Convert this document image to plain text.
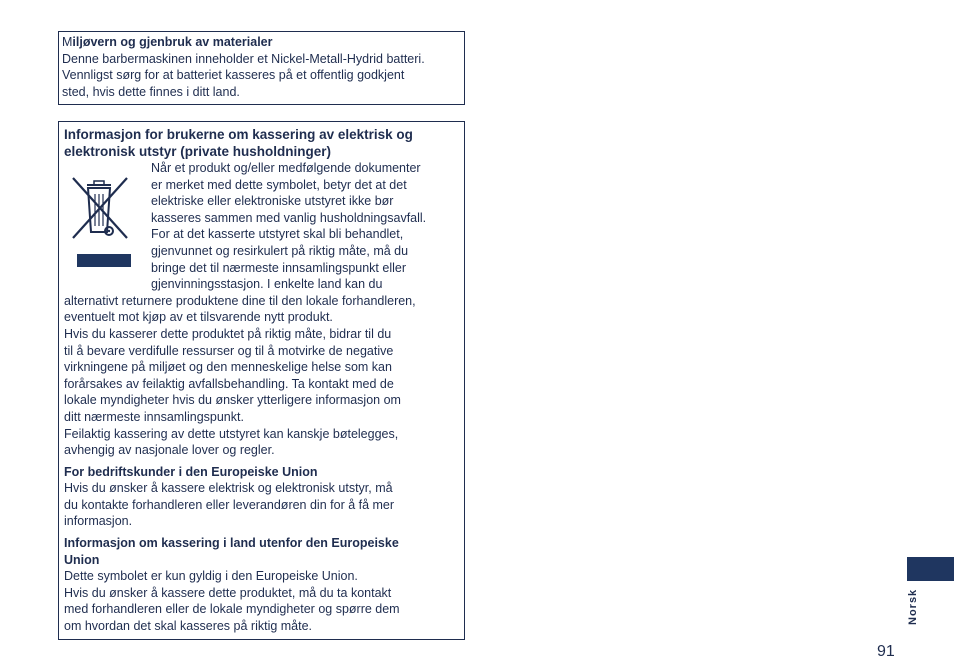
Miljøvern og gjenbruk av materialer

Denne barbermaskinen inneholder et Nickel-Metall-Hydrid batteri.

Vennligst sørg for at batteriet kasseres på et offentlig godkjent

sted, hvis dette finnes i ditt land.

Informasjon for brukerne om kassering av elektrisk og

elektronisk utstyr (private husholdninger)

Når et produkt og/eller medfølgende dokumenter

er merket med dette symbolet, betyr det at det

elektriske eller elektroniske utstyret ikke bør

kasseres sammen med vanlig husholdningsavfall.

For at det kasserte utstyret skal bli behandlet,

gjenvunnet og resirkulert på riktig måte, må du

bringe det til nærmeste innsamlingspunkt eller

gjenvinningsstasjon. I enkelte land kan du

alternativt returnere produktene dine til den lokale forhandleren,

eventuelt mot kjøp av et tilsvarende nytt produkt.

Hvis du kasserer dette produktet på riktig måte, bidrar til du

til å bevare verdifulle ressurser og til å motvirke de negative

virkningene på miljøet og den menneskelige helse som kan

forårsakes av feilaktig avfallsbehandling. Ta kontakt med de

lokale myndigheter hvis du ønsker ytterligere informasjon om

ditt nærmeste innsamlingspunkt.

Feilaktig kassering av dette utstyret kan kanskje bøtelegges,

avhengig av nasjonale lover og regler.

For bedriftskunder i den Europeiske Union

Hvis du ønsker å kassere elektrisk og elektronisk utstyr, må

du kontakte forhandleren eller leverandøren din for å få mer

informasjon.

Informasjon om kassering i land utenfor den Europeiske

Union

Dette symbolet er kun gyldig i den Europeiske Union.

Hvis du ønsker å kassere dette produktet, må du ta kontakt

med forhandleren eller de lokale myndigheter og spørre dem

om hvordan det skal kasseres på riktig måte.

Norsk
91
